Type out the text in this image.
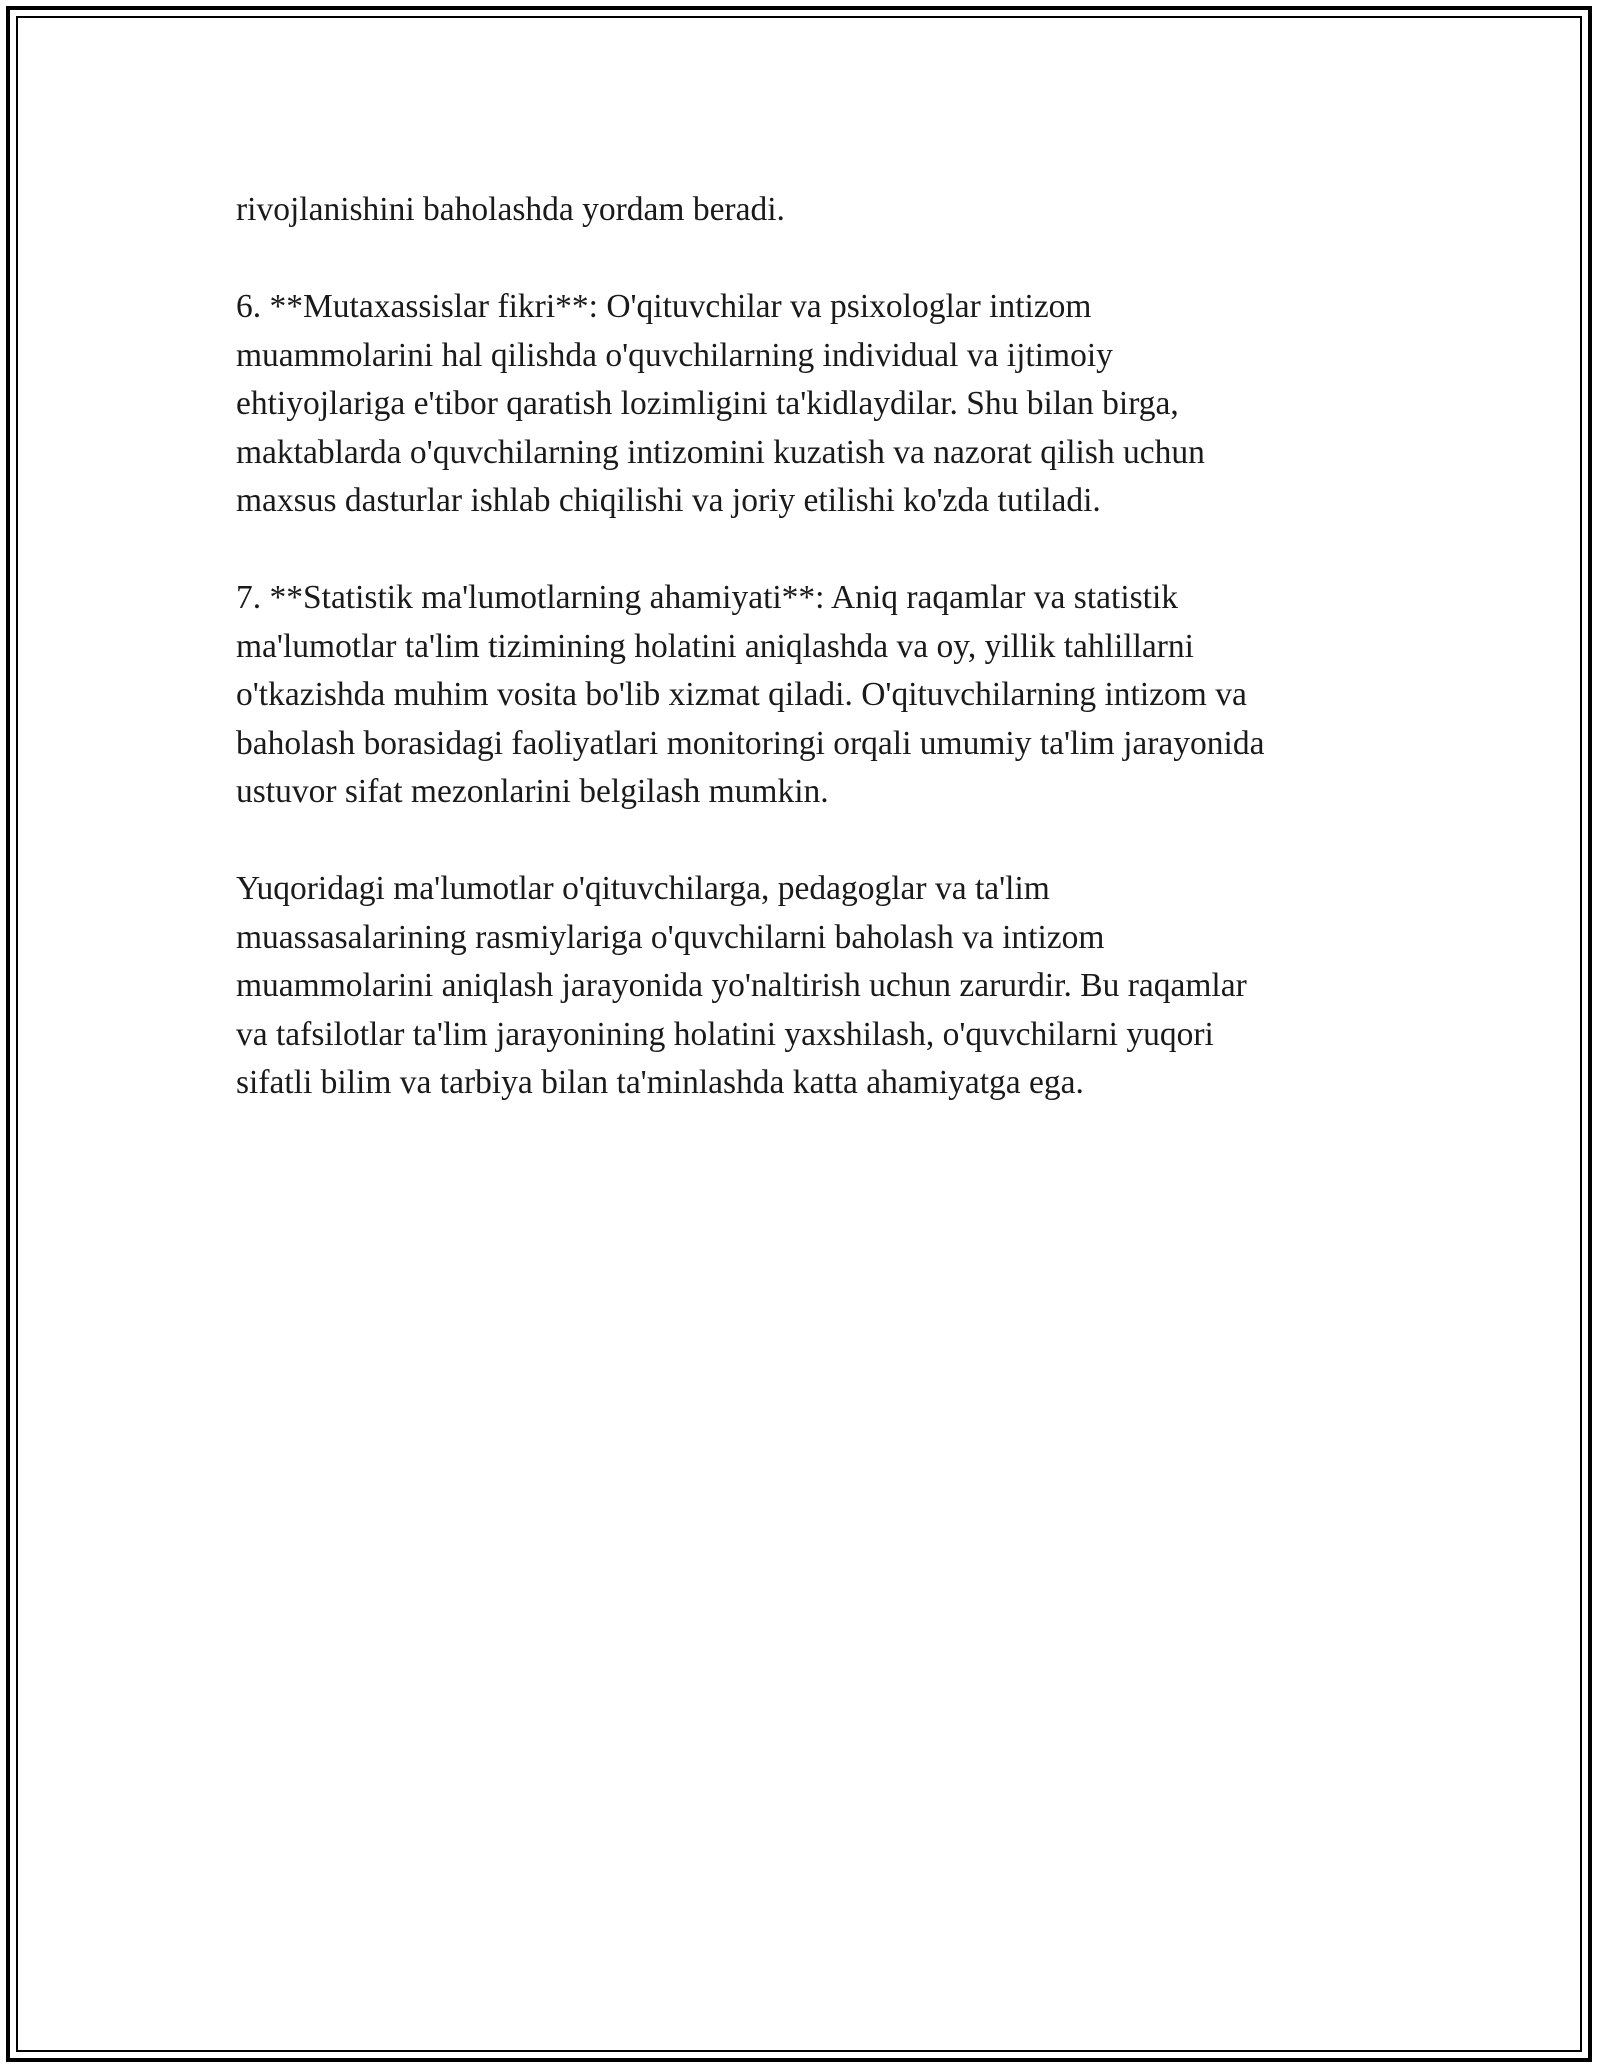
rivojlanishini baholashda yordam beradi.

6. **Mutaxassislar fikri**: O'qituvchilar va psixologlar intizom
muammolarini hal qilishda o'quvchilarning individual va ijtimoiy
ehtiyojlariga e'tibor qaratish lozimligini ta'kidlaydilar. Shu bilan birga,
maktablarda o'quvchilarning intizomini kuzatish va nazorat qilish uchun
maxsus dasturlar ishlab chiqilishi va joriy etilishi ko'zda tutiladi.

7. **Statistik ma'lumotlarning ahamiyati**: Aniq raqamlar va statistik
ma'lumotlar ta'lim tizimining holatini aniqlashda va oy, yillik tahlillarni
o'tkazishda muhim vosita bo'lib xizmat qiladi. O'qituvchilarning intizom va
baholash borasidagi faoliyatlari monitoringi orqali umumiy ta'lim jarayonida
ustuvor sifat mezonlarini belgilash mumkin.

Yuqoridagi ma'lumotlar o'qituvchilarga, pedagoglar va ta'lim
muassasalarining rasmiylariga o'quvchilarni baholash va intizom
muammolarini aniqlash jarayonida yo'naltirish uchun zarurdir. Bu raqamlar
va tafsilotlar ta'lim jarayonining holatini yaxshilash, o'quvchilarni yuqori
sifatli bilim va tarbiya bilan ta'minlashda katta ahamiyatga ega.
